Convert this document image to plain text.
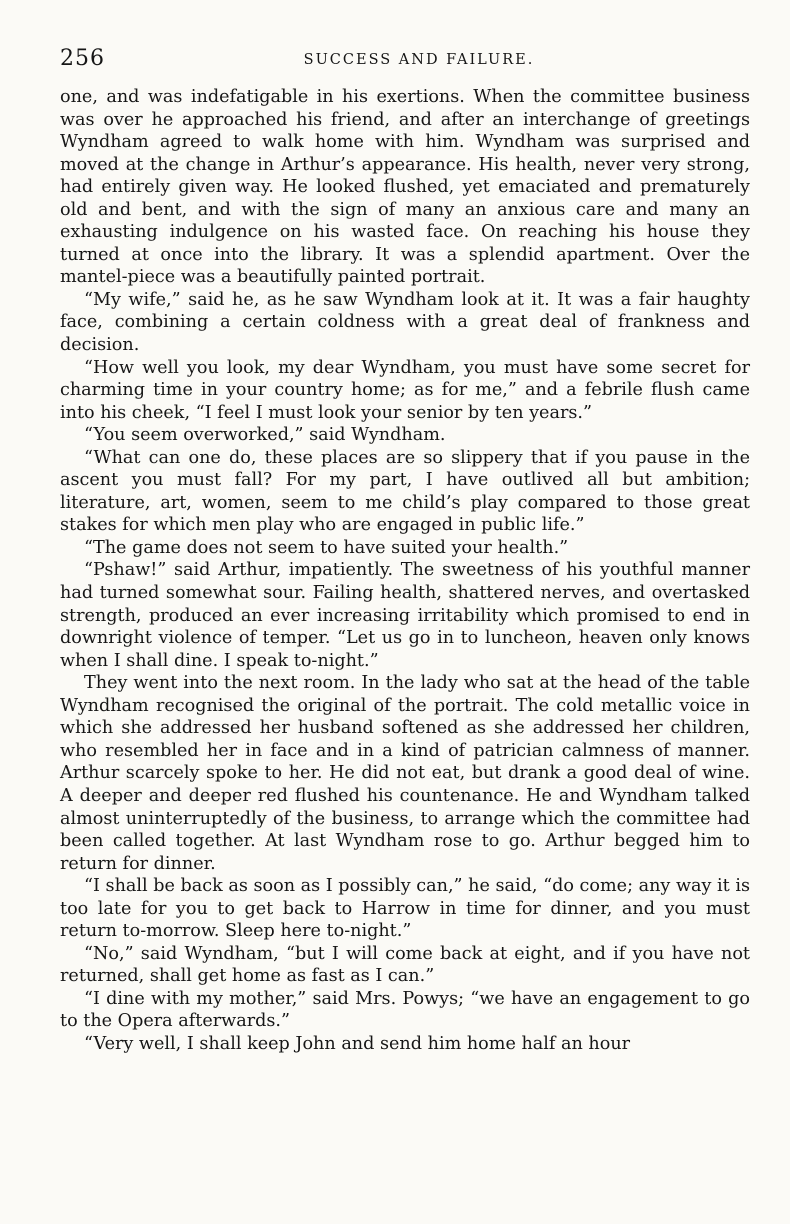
256	SUCCESS AND FAILURE.

one, and was indefatigable in his exertions. When the committee business was over he approached his friend, and after an interchange of greetings Wyndham agreed to walk home with him. Wyndham was surprised and moved at the change in Arthur’s appearance. His health, never very strong, had entirely given way. He looked flushed, yet emaciated and prematurely old and bent, and with the sign of many an anxious care and many an exhausting indulgence on his wasted face. On reaching his house they turned at once into the library. It was a splendid apartment. Over the mantel-piece was a beautifully painted portrait.

“My wife,” said he, as he saw Wyndham look at it. It was a fair haughty face, combining a certain coldness with a great deal of frankness and decision.

“How well you look, my dear Wyndham, you must have some secret for charming time in your country home; as for me,” and a febrile flush came into his cheek, “I feel I must look your senior by ten years.”

“You seem overworked,” said Wyndham.

“What can one do, these places are so slippery that if you pause in the ascent you must fall? For my part, I have outlived all but ambition; literature, art, women, seem to me child’s play compared to those great stakes for which men play who are engaged in public life.”

“The game does not seem to have suited your health.”

“Pshaw!” said Arthur, impatiently. The sweetness of his youthful manner had turned somewhat sour. Failing health, shattered nerves, and overtasked strength, produced an ever increasing irritability which promised to end in downright violence of temper. “Let us go in to luncheon, heaven only knows when I shall dine. I speak to-night.”

They went into the next room. In the lady who sat at the head of the table Wyndham recognised the original of the portrait. The cold metallic voice in which she addressed her husband softened as she addressed her children, who resembled her in face and in a kind of patrician calmness of manner. Arthur scarcely spoke to her. He did not eat, but drank a good deal of wine. A deeper and deeper red flushed his countenance. He and Wyndham talked almost uninterruptedly of the business, to arrange which the committee had been called together. At last Wyndham rose to go. Arthur begged him to return for dinner.

“I shall be back as soon as I possibly can,” he said, “do come; any way it is too late for you to get back to Harrow in time for dinner, and you must return to-morrow. Sleep here to-night.”

“No,” said Wyndham, “but I will come back at eight, and if you have not returned, shall get home as fast as I can.”

“I dine with my mother,” said Mrs. Powys; “we have an engagement to go to the Opera afterwards.”

“Very well, I shall keep John and send him home half an hour
